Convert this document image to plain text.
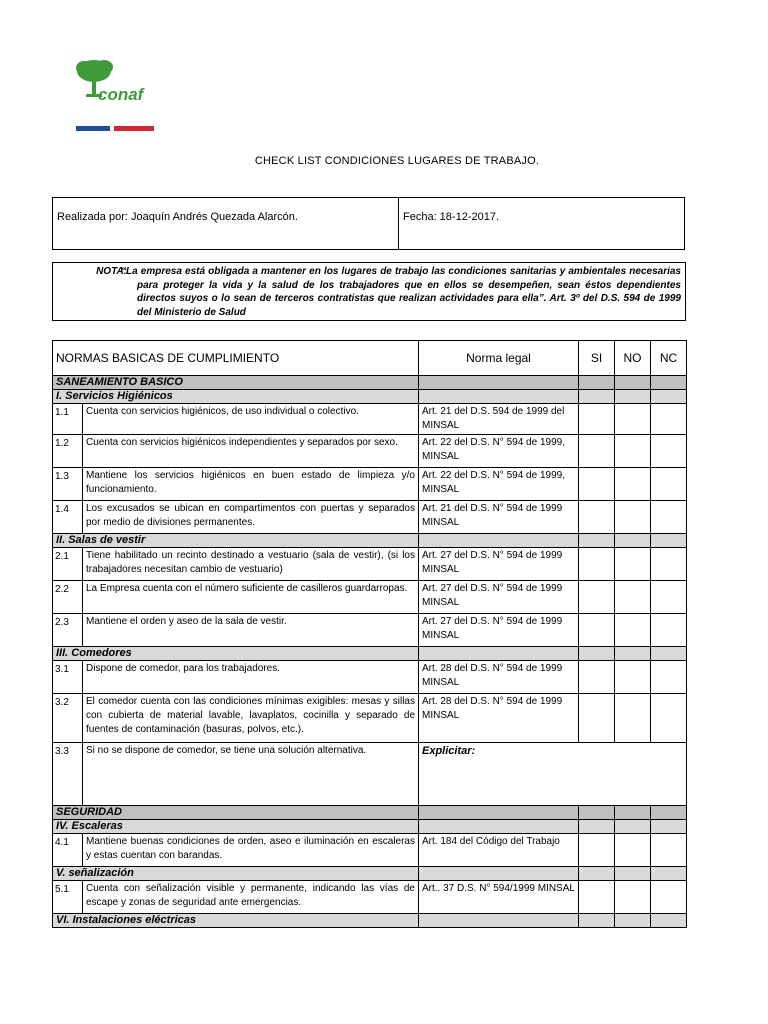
conaf
CHECK LIST CONDICIONES LUGARES DE TRABAJO.
Realizada por: Joaquín Andrés Quezada Alarcón.	Fecha: 18-12-2017.
NOTA:
“La empresa está obligada a mantener en los lugares de trabajo las condiciones sanitarias y ambientales necesarias para proteger la vida y la salud de los trabajadores que en ellos se desempeñen, sean éstos dependientes directos suyos o lo sean de terceros contratistas que realizan actividades para ella”. Art. 3º del D.S. 594 de 1999 del Ministerio de Salud
NORMAS BASICAS DE CUMPLIMIENTO		Norma legal	SI	NO	NC
SANEAMIENTO BASICO					
I. Servicios Higiénicos					
1.1	Cuenta con servicios higiénicos, de uso individual o colectivo.	Art. 21 del D.S. 594 de 1999 del MINSAL			
1.2	Cuenta con servicios higiénicos independientes y separados por sexo.	Art. 22 del D.S. N° 594 de 1999, MINSAL			
1.3	Mantiene los servicios higiénicos en buen estado de limpieza y/o funcionamiento.	Art. 22 del D.S. N° 594 de 1999, MINSAL			
1.4	Los excusados se ubican en compartimentos con puertas y separados por medio de divisiones permanentes.	Art. 21 del D.S. N° 594 de 1999 MINSAL			
II. Salas de vestir					
2.1	Tiene habilitado un recinto destinado a vestuario (sala de vestir), (si los trabajadores necesitan cambio de vestuario)	Art. 27 del D.S. N° 594 de 1999 MINSAL			
2.2	La Empresa cuenta con el número suficiente de casilleros guardarropas.	Art. 27 del D.S. N° 594 de 1999 MINSAL			
2.3	Mantiene el orden y aseo de la sala de vestir.	Art. 27 del D.S. N° 594 de 1999 MINSAL			
III. Comedores					
3.1	Dispone de comedor, para los trabajadores.	Art. 28 del D.S. N° 594 de 1999 MINSAL			
3.2	El comedor cuenta con las condiciones mínimas exigibles: mesas y sillas con cubierta de material lavable, lavaplatos, cocinilla y separado de fuentes de contaminación (basuras, polvos, etc.).	Art. 28 del D.S. N° 594 de 1999 MINSAL			
3.3	Si no se dispone de comedor, se tiene una solución alternativa.	Explicitar:			
SEGURIDAD					
IV. Escaleras					
4.1	Mantiene buenas condiciones de orden, aseo e iluminación en escaleras y estas cuentan con barandas.	Art. 184 del Código del Trabajo			
V. señalización					
5.1	Cuenta con señalización visible y permanente, indicando las vías de escape y zonas de seguridad ante emergencias.	Art.. 37 D.S. N° 594/1999 MINSAL			
VI. Instalaciones eléctricas					
